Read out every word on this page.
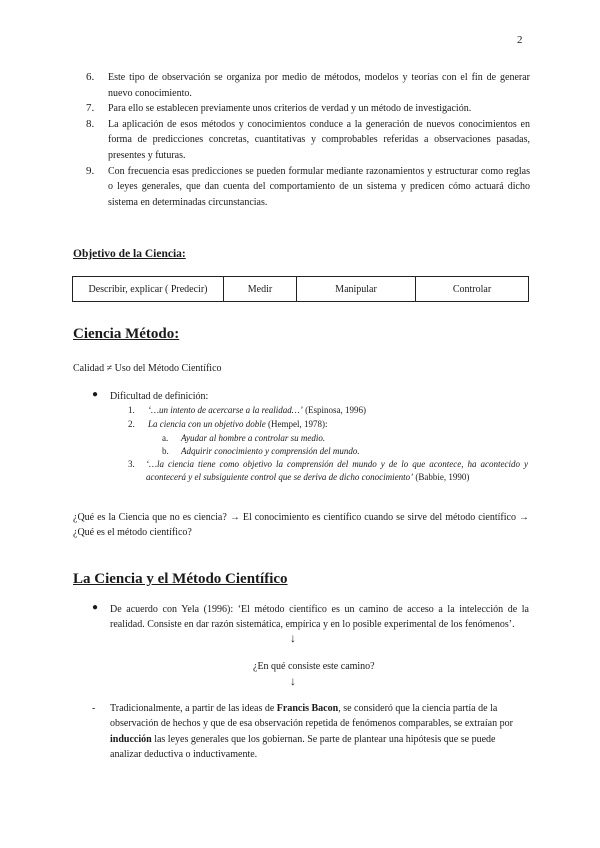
2
6.	Este tipo de observación se organiza por medio de métodos, modelos y teorías con el fin de generar nuevo conocimiento.
7.	Para ello se establecen previamente unos criterios de verdad y un método de investigación.
8.	La aplicación de esos métodos y conocimientos conduce a la generación de nuevos conocimientos en forma de predicciones concretas, cuantitativas y comprobables referidas a observaciones pasadas, presentes y futuras.
9.	Con frecuencia esas predicciones se pueden formular mediante razonamientos y estructurar como reglas o leyes generales, que dan cuenta del comportamiento de un sistema y predicen cómo actuará dicho sistema en determinadas circunstancias.
Objetivo de la Ciencia:
Describir, explicar ( Predecir)	Medir	Manipular	Controlar
Ciencia Método:
Calidad ≠ Uso del Método Científico
● Dificultad de definición:
1. ‘…un intento de acercarse a la realidad…’ (Espinosa, 1996)
2. La ciencia con un objetivo doble (Hempel, 1978):
a. Ayudar al hombre a controlar su medio.
b. Adquirir conocimiento y comprensión del mundo.
3. ‘…la ciencia tiene como objetivo la comprensión del mundo y de lo que acontece, ha acontecido y acontecerá y el subsiguiente control que se deriva de dicho conocimiento’ (Babbie, 1990)
¿Qué es la Ciencia que no es ciencia? → El conocimiento es científico cuando se sirve del método científico → ¿Qué es el método científico?
La Ciencia y el Método Científico
● De acuerdo con Yela (1996): ‘El método científico es un camino de acceso a la intelección de la realidad. Consiste en dar razón sistemática, empírica y en lo posible experimental de los fenómenos’.
↓
¿En qué consiste este camino?
↓
- Tradicionalmente, a partir de las ideas de Francis Bacon, se consideró que la ciencia partía de la observación de hechos y que de esa observación repetida de fenómenos comparables, se extraían por inducción las leyes generales que los gobiernan. Se parte de plantear una hipótesis que se puede analizar deductiva o inductivamente.
